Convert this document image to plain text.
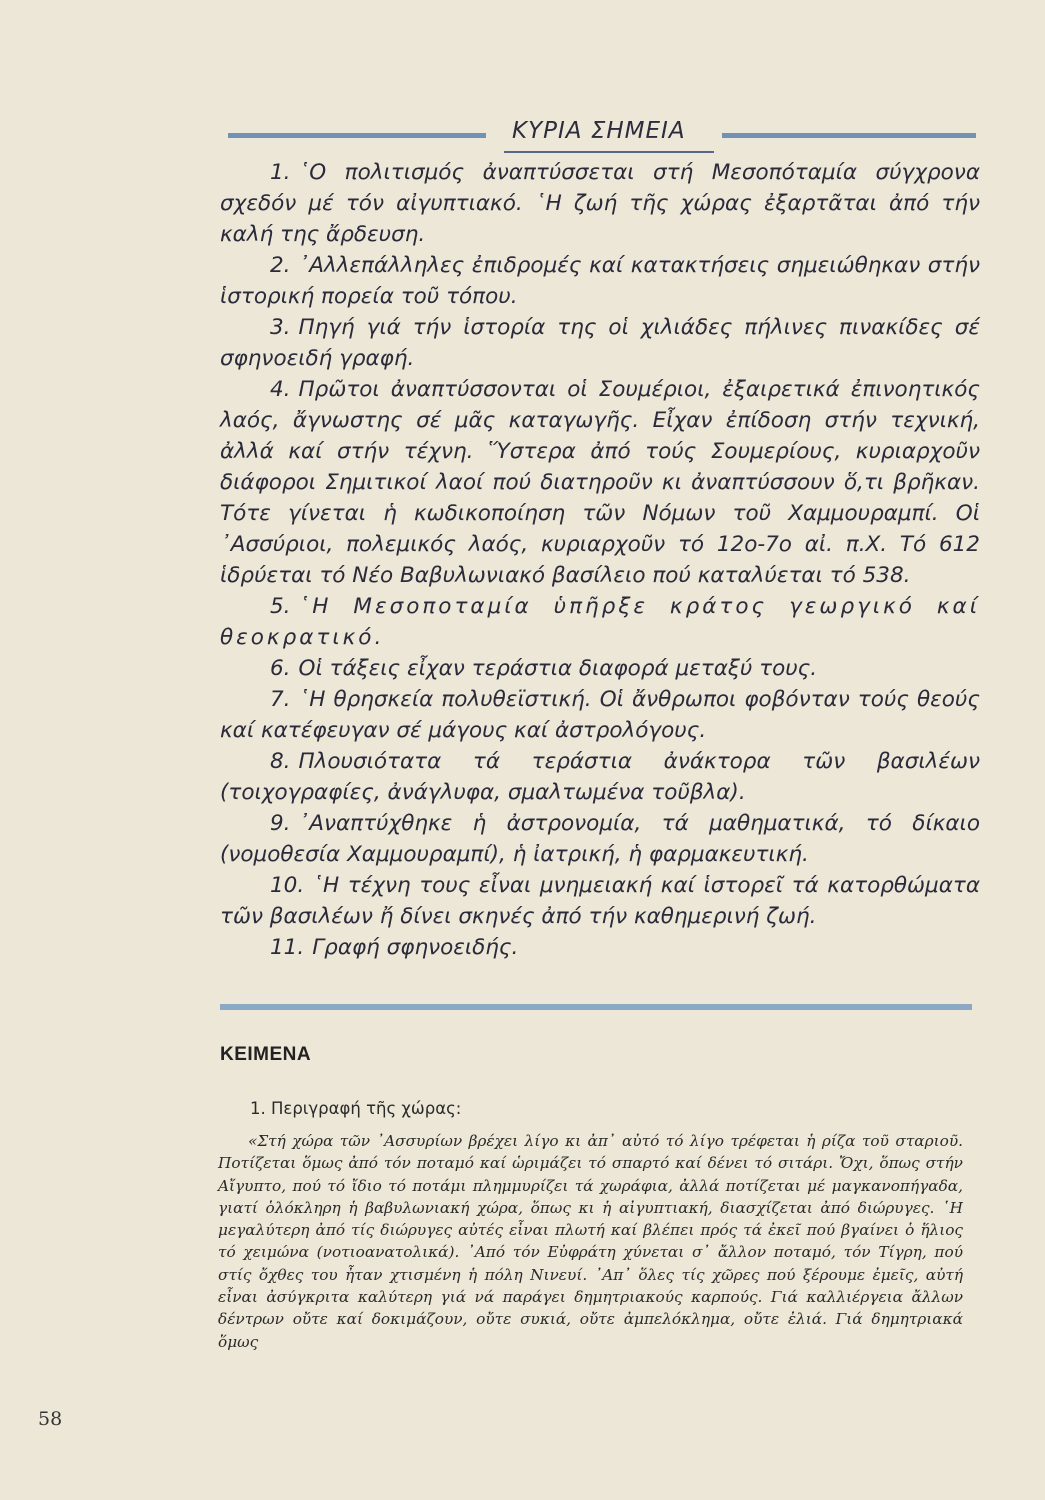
ΚΥΡΙΑ ΣΗΜΕΙΑ

1. ῾Ο πολιτισμός ἀναπτύσσεται στή Μεσοπόταμία σύγχρονα σχεδόν μέ τόν αἰγυπτιακό. ῾Η ζωή τῆς χώρας ἐξαρτᾶται ἀπό τήν καλή της ἄρδευση.

2. ᾿Αλλεπάλληλες ἐπιδρομές καί κατακτήσεις σημειώθηκαν στήν ἱστορική πορεία τοῦ τόπου.

3. Πηγή γιά τήν ἱστορία της οἱ χιλιάδες πήλινες πινακίδες σέ σφηνοειδή γραφή.

4. Πρῶτοι ἀναπτύσσονται οἱ Σουμέριοι, ἐξαιρετικά ἐπινοητικός λαός, ἄγνωστης σέ μᾶς καταγωγῆς. Εἶχαν ἐπίδοση στήν τεχνική, ἀλλά καί στήν τέχνη. Ὕστερα ἀπό τούς Σουμερίους, κυριαρχοῦν διάφοροι Σημιτικοί λαοί πού διατηροῦν κι ἀναπτύσσουν ὅ,τι βρῆκαν. Τότε γίνεται ἡ κωδικοποίηση τῶν Νόμων τοῦ Χαμμουραμπί. Οἱ ᾿Ασσύριοι, πολεμικός λαός, κυριαρχοῦν τό 12ο-7ο αἰ. π.Χ. Τό 612 ἱδρύεται τό Νέο Βαβυλωνιακό βασίλειο πού καταλύεται τό 538.

5. ῾Η Μεσοποταμία ὑπῆρξε κράτος γεωργικό καί θεοκρατικό.

6. Οἱ τάξεις εἶχαν τεράστια διαφορά μεταξύ τους.

7. ῾Η θρησκεία πολυθεϊστική. Οἱ ἄνθρωποι φοβόνταν τούς θεούς καί κατέφευγαν σέ μάγους καί ἀστρολόγους.

8. Πλουσιότατα τά τεράστια ἀνάκτορα τῶν βασιλέων (τοιχογραφίες, ἀνάγλυφα, σμαλτωμένα τοῦβλα).

9. ᾿Αναπτύχθηκε ἡ ἀστρονομία, τά μαθηματικά, τό δίκαιο (νομοθεσία Χαμμουραμπί), ἡ ἰατρική, ἡ φαρμακευτική.

10. ῾Η τέχνη τους εἶναι μνημειακή καί ἱστορεῖ τά κατορθώματα τῶν βασιλέων ἤ δίνει σκηνές ἀπό τήν καθημερινή ζωή.

11. Γραφή σφηνοειδής.

ΚΕΙΜΕΝΑ
1. Περιγραφή τῆς χώρας:
«Στή χώρα τῶν ᾿Ασσυρίων βρέχει λίγο κι ἀπ᾿ αὐτό τό λίγο τρέφεται ἡ ρίζα τοῦ σταριοῦ. Ποτίζεται ὅμως ἀπό τόν ποταμό καί ὡριμάζει τό σπαρτό καί δένει τό σιτάρι. Ὄχι, ὅπως στήν Αἴγυπτο, πού τό ἴδιο τό ποτάμι πλημμυρίζει τά χωράφια, ἀλλά ποτίζεται μέ μαγκανοπήγαδα, γιατί ὁλόκληρη ἡ βαβυλωνιακή χώρα, ὅπως κι ἡ αἰγυπτιακή, διασχίζεται ἀπό διώρυγες. ῾Η μεγαλύτερη ἀπό τίς διώρυγες αὐτές εἶναι πλωτή καί βλέπει πρός τά ἐκεῖ πού βγαίνει ὁ ἥλιος τό χειμώνα (νοτιοανατολικά). ᾿Από τόν Εὐφράτη χύνεται σ᾿ ἄλλον ποταμό, τόν Τίγρη, πού στίς ὄχθες του ἦταν χτισμένη ἡ πόλη Νινευί. ᾿Απ᾿ ὅλες τίς χῶρες πού ξέρουμε ἐμεῖς, αὐτή εἶναι ἀσύγκριτα καλύτερη γιά νά παράγει δημητριακούς καρπούς. Γιά καλλιέργεια ἄλλων δέντρων οὔτε καί δοκιμάζουν, οὔτε συκιά, οὔτε ἀμπελόκλημα, οὔτε ἐλιά. Γιά δημητριακά ὅμως
58
